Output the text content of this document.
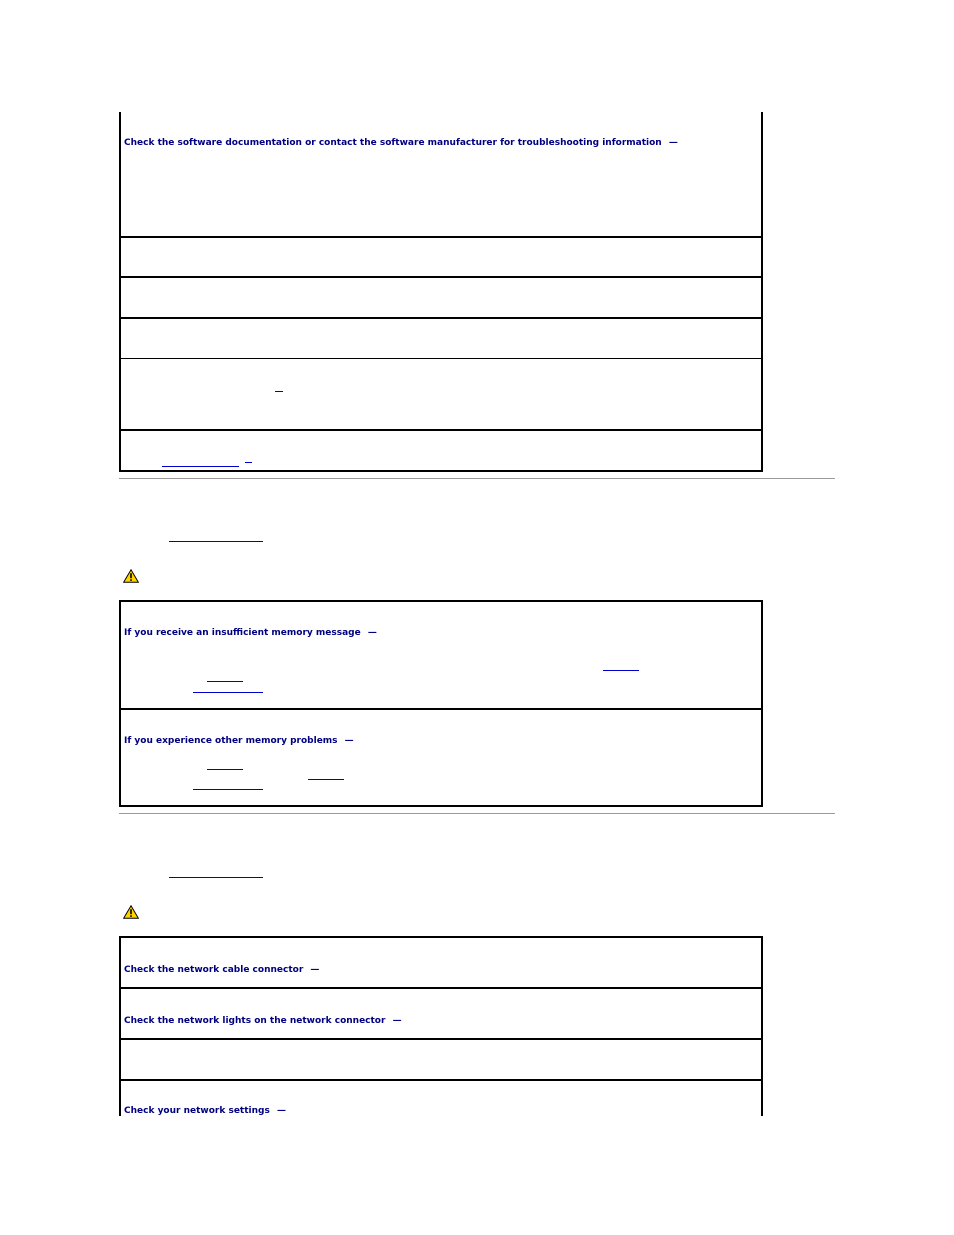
Check the software documentation or contact the software manufacturer for troubleshooting information —
If you receive an insufficient memory message —
If you experience other memory problems —
Check the network cable connector —
Check the network lights on the network connector —
Check your network settings —
